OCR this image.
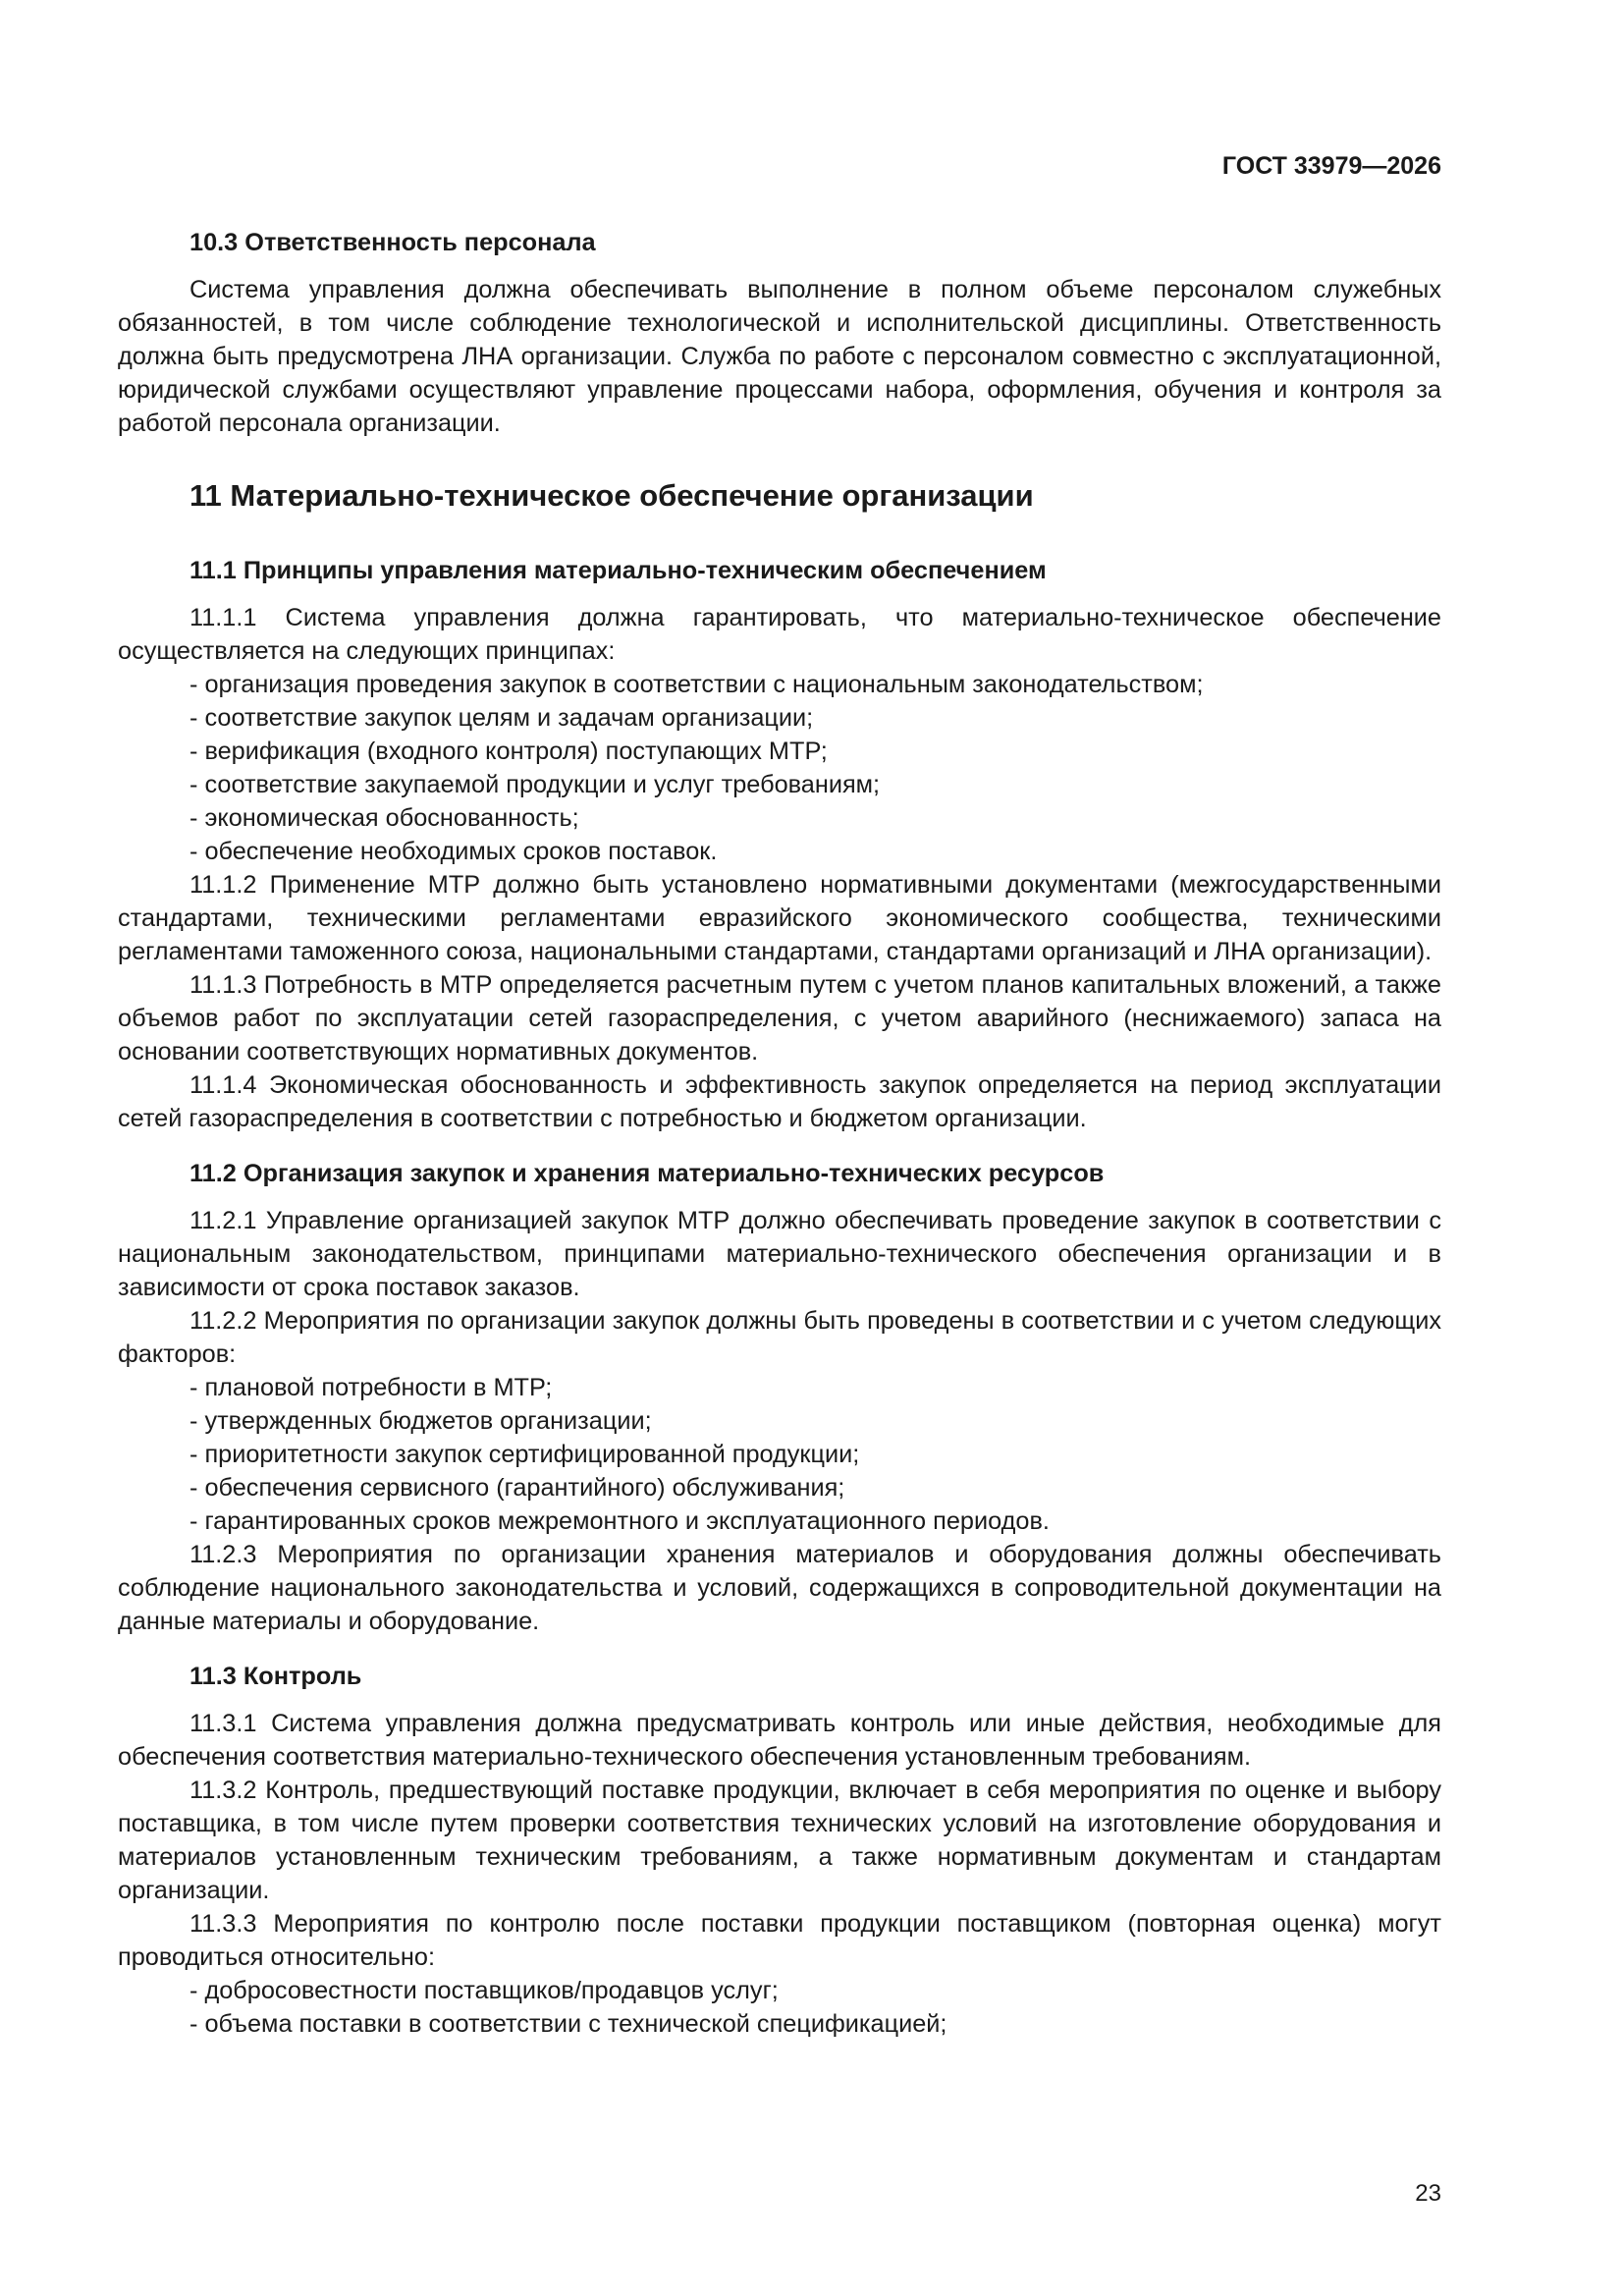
ГОСТ 33979—2026

10.3 Ответственность персонала

Система управления должна обеспечивать выполнение в полном объеме персоналом служебных обязанностей, в том числе соблюдение технологической и исполнительской дисциплины. Ответственность должна быть предусмотрена ЛНА организации. Служба по работе с персоналом совместно с эксплуатационной, юридической службами осуществляют управление процессами набора, оформления, обучения и контроля за работой персонала организации.

11 Материально-техническое обеспечение организации

11.1 Принципы управления материально-техническим обеспечением

11.1.1 Система управления должна гарантировать, что материально-техническое обеспечение осуществляется на следующих принципах:

- организация проведения закупок в соответствии с национальным законодательством;

- соответствие закупок целям и задачам организации;

- верификация (входного контроля) поступающих МТР;

- соответствие закупаемой продукции и услуг требованиям;

- экономическая обоснованность;

- обеспечение необходимых сроков поставок.

11.1.2 Применение МТР должно быть установлено нормативными документами (межгосударственными стандартами, техническими регламентами евразийского экономического сообщества, техническими регламентами таможенного союза, национальными стандартами, стандартами организаций и ЛНА организации).

11.1.3 Потребность в МТР определяется расчетным путем с учетом планов капитальных вложений, а также объемов работ по эксплуатации сетей газораспределения, с учетом аварийного (неснижаемого) запаса на основании соответствующих нормативных документов.

11.1.4 Экономическая обоснованность и эффективность закупок определяется на период эксплуатации сетей газораспределения в соответствии с потребностью и бюджетом организации.

11.2 Организация закупок и хранения материально-технических ресурсов

11.2.1 Управление организацией закупок МТР должно обеспечивать проведение закупок в соответствии с национальным законодательством, принципами материально-технического обеспечения организации и в зависимости от срока поставок заказов.

11.2.2 Мероприятия по организации закупок должны быть проведены в соответствии и с учетом следующих факторов:

- плановой потребности в МТР;

- утвержденных бюджетов организации;

- приоритетности закупок сертифицированной продукции;

- обеспечения сервисного (гарантийного) обслуживания;

- гарантированных сроков межремонтного и эксплуатационного периодов.

11.2.3 Мероприятия по организации хранения материалов и оборудования должны обеспечивать соблюдение национального законодательства и условий, содержащихся в сопроводительной документации на данные материалы и оборудование.

11.3 Контроль

11.3.1 Система управления должна предусматривать контроль или иные действия, необходимые для обеспечения соответствия материально-технического обеспечения установленным требованиям.

11.3.2 Контроль, предшествующий поставке продукции, включает в себя мероприятия по оценке и выбору поставщика, в том числе путем проверки соответствия технических условий на изготовление оборудования и материалов установленным техническим требованиям, а также нормативным документам и стандартам организации.

11.3.3 Мероприятия по контролю после поставки продукции поставщиком (повторная оценка) могут проводиться относительно:

- добросовестности поставщиков/продавцов услуг;

- объема поставки в соответствии с технической спецификацией;

23
